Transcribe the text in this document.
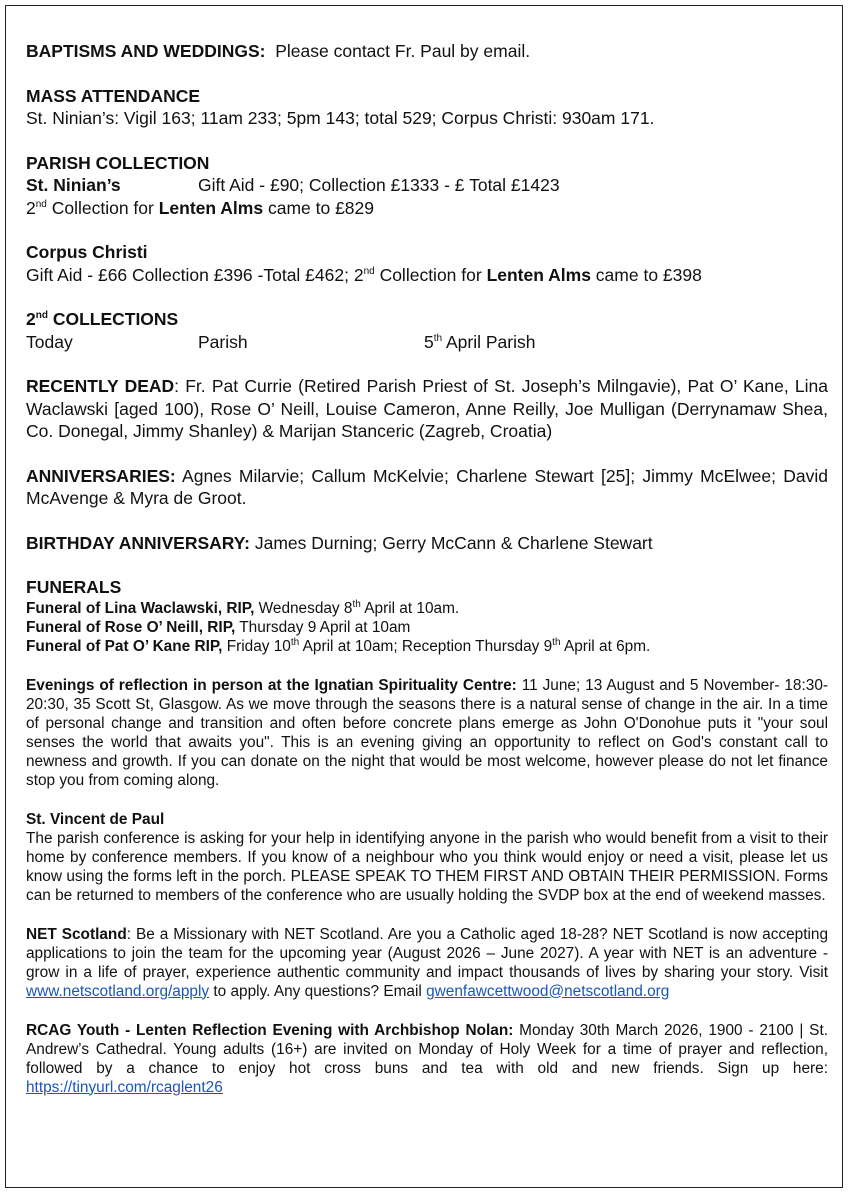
BAPTISMS AND WEDDINGS: Please contact Fr. Paul by email.

MASS ATTENDANCE
St. Ninian’s: Vigil 163; 11am 233; 5pm 143; total 529; Corpus Christi: 930am 171.
PARISH COLLECTION
St. Ninian’s	Gift Aid - £90; Collection £1333 - £ Total £1423
2nd Collection for Lenten Alms came to £829
Corpus Christi
Gift Aid - £66 Collection £396 -Total £462; 2nd Collection for Lenten Alms came to £398
2nd COLLECTIONS
Today	Parish	5th April Parish

RECENTLY DEAD: Fr. Pat Currie (Retired Parish Priest of St. Joseph’s Milngavie), Pat O’ Kane, Lina Waclawski [aged 100), Rose O’ Neill, Louise Cameron, Anne Reilly, Joe Mulligan (Derrynamaw Shea, Co. Donegal, Jimmy Shanley) & Marijan Stanceric (Zagreb, Croatia)

ANNIVERSARIES: Agnes Milarvie; Callum McKelvie; Charlene Stewart [25]; Jimmy McElwee; David McAvenge & Myra de Groot.

BIRTHDAY ANNIVERSARY: James Durning; Gerry McCann & Charlene Stewart

FUNERALS
Funeral of Lina Waclawski, RIP, Wednesday 8th April at 10am.
Funeral of Rose O’ Neill, RIP, Thursday 9 April at 10am
Funeral of Pat O’ Kane RIP, Friday 10th April at 10am; Reception Thursday 9th April at 6pm.

Evenings of reflection in person at the Ignatian Spirituality Centre: 11 June; 13 August and 5 November- 18:30- 20:30, 35 Scott St, Glasgow. As we move through the seasons there is a natural sense of change in the air. In a time of personal change and transition and often before concrete plans emerge as John O'Donohue puts it "your soul senses the world that awaits you". This is an evening giving an opportunity to reflect on God's constant call to newness and growth. If you can donate on the night that would be most welcome, however please do not let finance stop you from coming along.

St. Vincent de Paul
The parish conference is asking for your help in identifying anyone in the parish who would benefit from a visit to their home by conference members. If you know of a neighbour who you think would enjoy or need a visit, please let us know using the forms left in the porch. PLEASE SPEAK TO THEM FIRST AND OBTAIN THEIR PERMISSION. Forms can be returned to members of the conference who are usually holding the SVDP box at the end of weekend masses.

NET Scotland: Be a Missionary with NET Scotland. Are you a Catholic aged 18-28? NET Scotland is now accepting applications to join the team for the upcoming year (August 2026 – June 2027). A year with NET is an adventure - grow in a life of prayer, experience authentic community and impact thousands of lives by sharing your story. Visit www.netscotland.org/apply to apply. Any questions? Email gwenfawcettwood@netscotland.org

RCAG Youth - Lenten Reflection Evening with Archbishop Nolan: Monday 30th March 2026, 1900 - 2100 | St. Andrew’s Cathedral. Young adults (16+) are invited on Monday of Holy Week for a time of prayer and reflection, followed by a chance to enjoy hot cross buns and tea with old and new friends. Sign up here: https://tinyurl.com/rcaglent26
